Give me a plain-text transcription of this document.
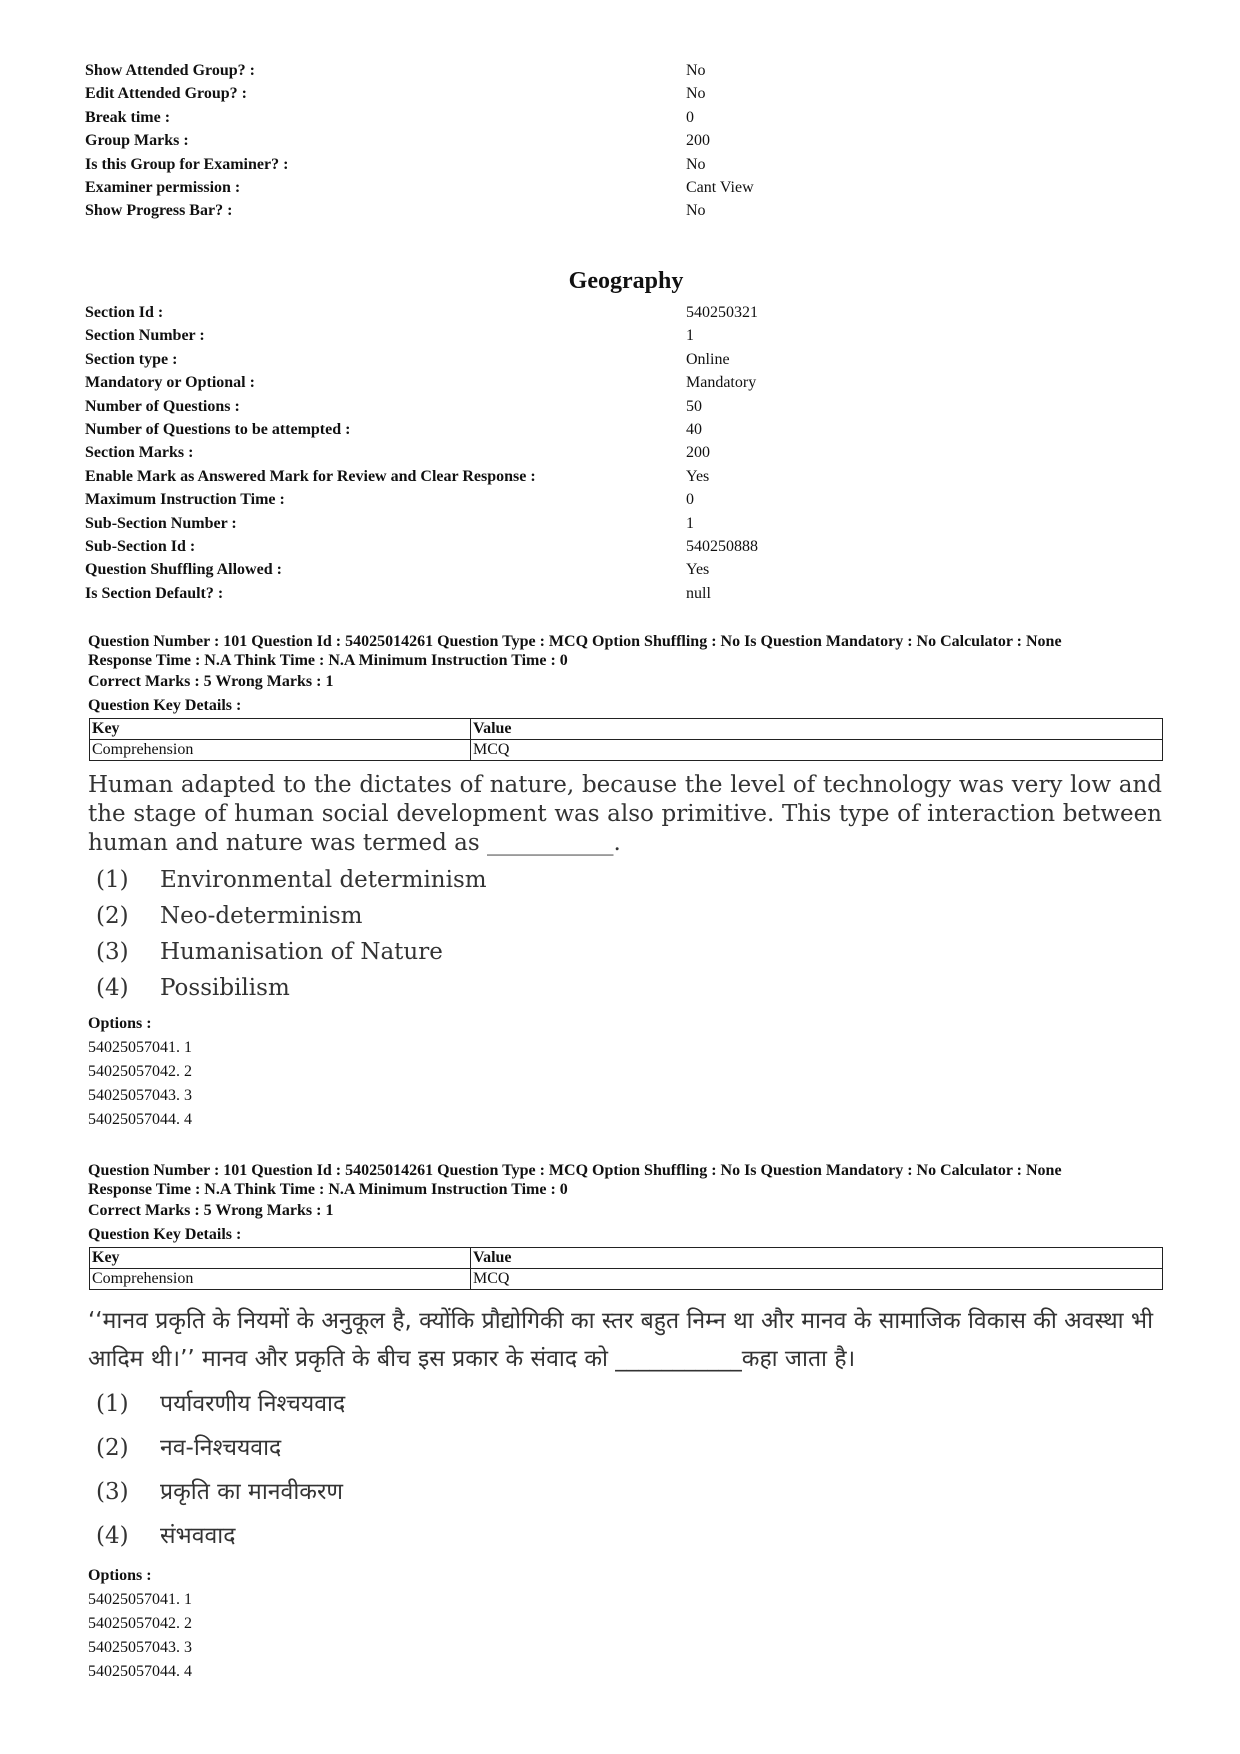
Show Attended Group? :	No
Edit Attended Group? :	No
Break time :	0
Group Marks :	200
Is this Group for Examiner? :	No
Examiner permission :	Cant View
Show Progress Bar? :	No
Geography
Section Id :	540250321
Section Number :	1
Section type :	Online
Mandatory or Optional :	Mandatory
Number of Questions :	50
Number of Questions to be attempted :	40
Section Marks :	200
Enable Mark as Answered Mark for Review and Clear Response :	Yes
Maximum Instruction Time :	0
Sub-Section Number :	1
Sub-Section Id :	540250888
Question Shuffling Allowed :	Yes
Is Section Default? :	null
Question Number : 101 Question Id : 54025014261 Question Type : MCQ Option Shuffling : No Is Question Mandatory : No Calculator : None
Response Time : N.A Think Time : N.A Minimum Instruction Time : 0
Correct Marks : 5 Wrong Marks : 1
Question Key Details :
Key	Value
Comprehension	MCQ
Human adapted to the dictates of nature, because the level of technology was very low and the stage of human social development was also primitive. This type of interaction between human and nature was termed as ___________.
(1) Environmental determinism
(2) Neo-determinism
(3) Humanisation of Nature
(4) Possibilism
Options :
54025057041. 1
54025057042. 2
54025057043. 3
54025057044. 4
Question Number : 101 Question Id : 54025014261 Question Type : MCQ Option Shuffling : No Is Question Mandatory : No Calculator : None
Response Time : N.A Think Time : N.A Minimum Instruction Time : 0
Correct Marks : 5 Wrong Marks : 1
Question Key Details :
Key	Value
Comprehension	MCQ
‘‘मानव प्रकृति के नियमों के अनुकूल है, क्योंकि प्रौद्योगिकी का स्तर बहुत निम्न था और मानव के सामाजिक विकास की अवस्था भी आदिम थी।’’ मानव और प्रकृति के बीच इस प्रकार के संवाद को ___________कहा जाता है।
(1) पर्यावरणीय निश्चयवाद
(2) नव-निश्चयवाद
(3) प्रकृति का मानवीकरण
(4) संभववाद
Options :
54025057041. 1
54025057042. 2
54025057043. 3
54025057044. 4
